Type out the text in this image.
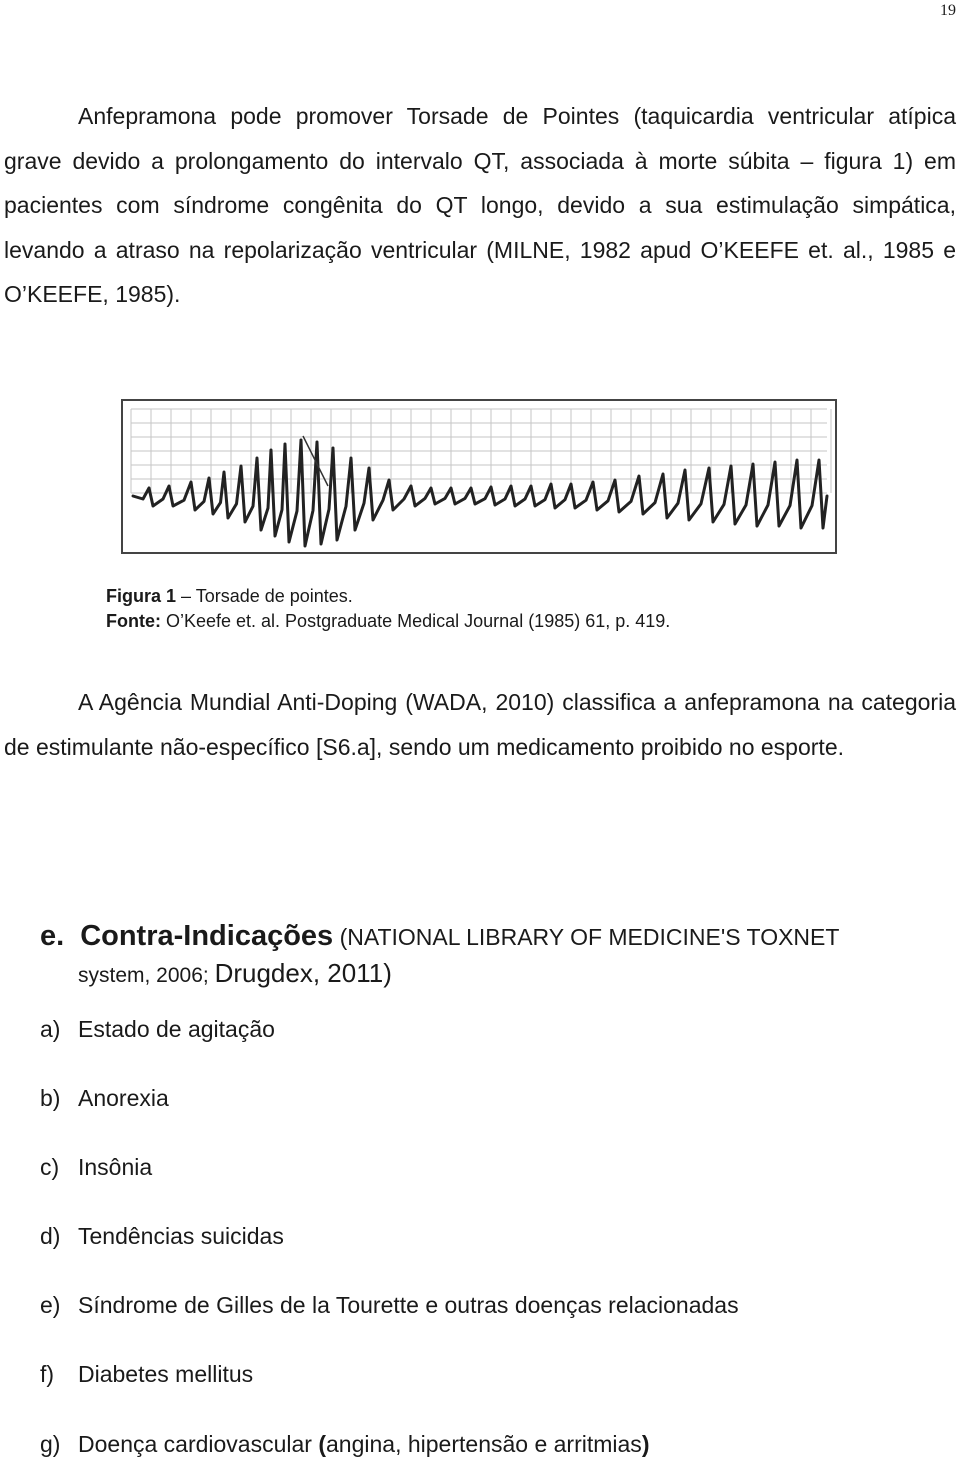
19

Anfepramona pode promover Torsade de Pointes (taquicardia ventricular atípica grave devido a prolongamento do intervalo QT, associada à morte súbita – figura 1) em pacientes com síndrome congênita do QT longo, devido a sua estimulação simpática, levando a atraso na repolarização ventricular (MILNE, 1982 apud O’KEEFE et. al., 1985 e O’KEEFE, 1985).

Figura 1 – Torsade de pointes.
Fonte: O’Keefe et. al. Postgraduate Medical Journal (1985) 61, p. 419.

A Agência Mundial Anti-Doping (WADA, 2010) classifica a anfepramona na categoria de estimulante não-específico [S6.a], sendo um medicamento proibido no esporte.

e. Contra-Indicações (NATIONAL LIBRARY OF MEDICINE'S TOXNET
system, 2006; Drugdex, 2011)
a) Estado de agitação
b) Anorexia
c) Insônia
d) Tendências suicidas
e) Síndrome de Gilles de la Tourette e outras doenças relacionadas
f) Diabetes mellitus
g) Doença cardiovascular (angina, hipertensão e arritmias)
